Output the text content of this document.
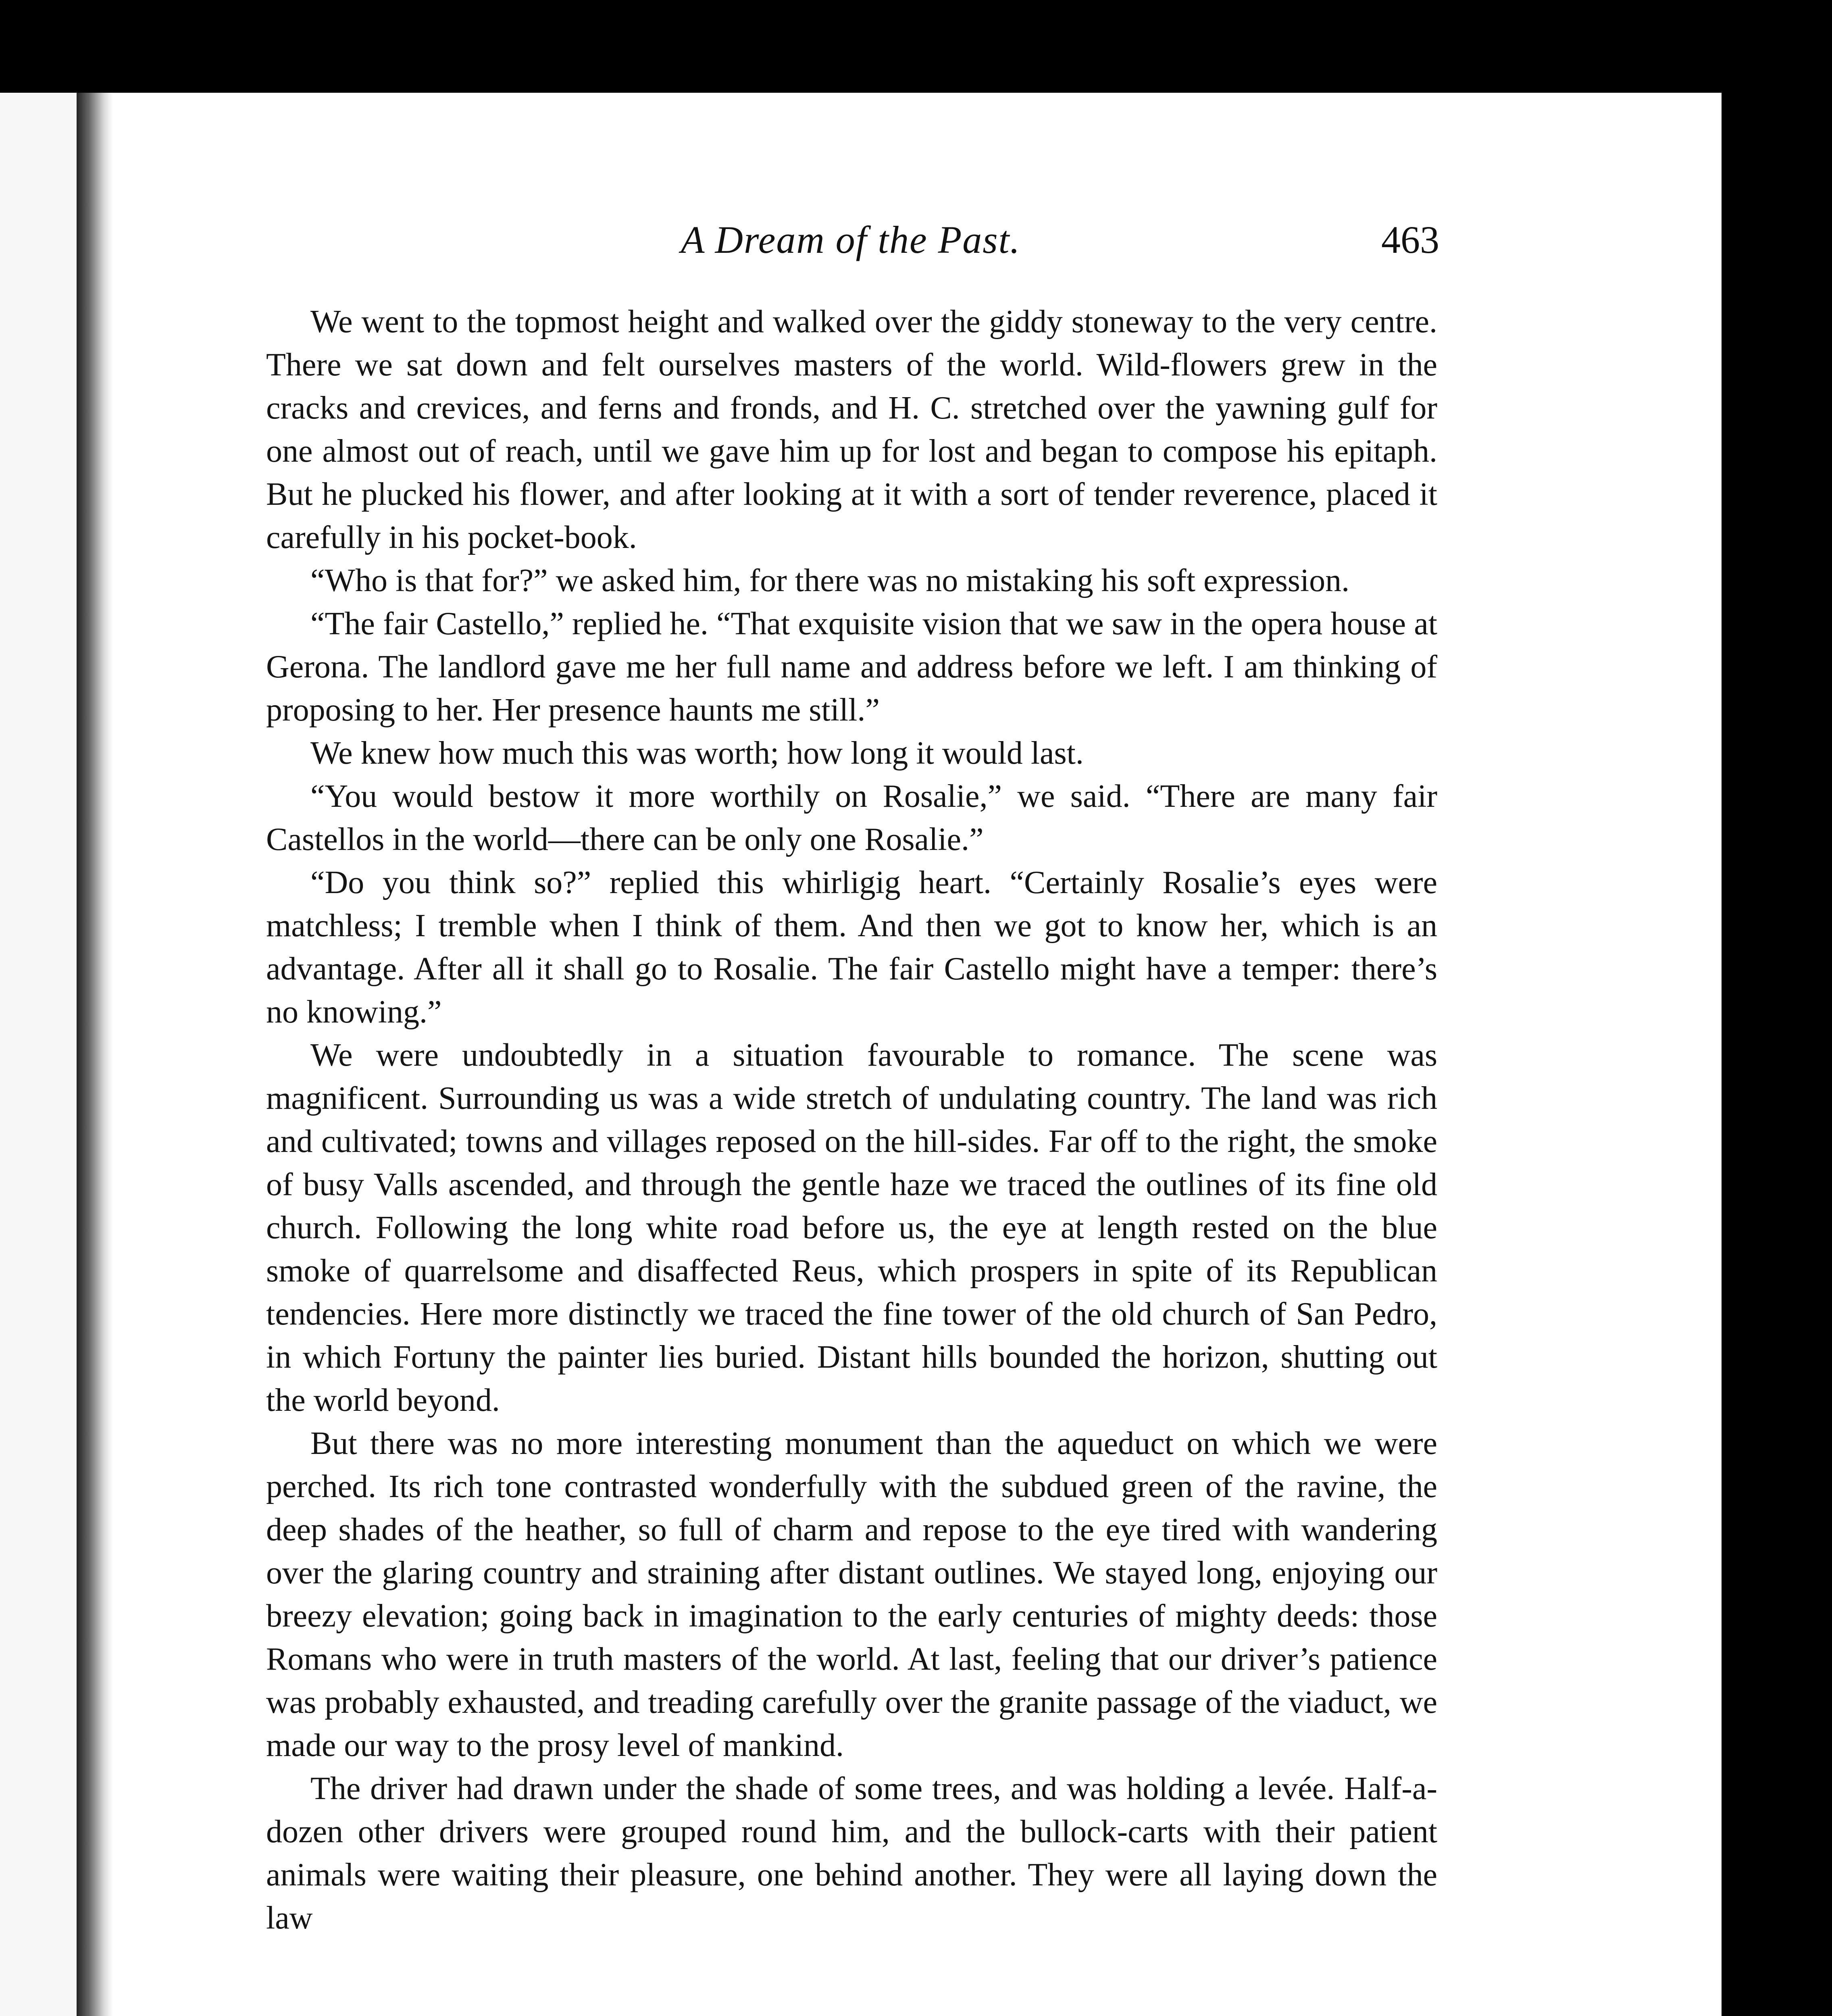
A Dream of the Past.	463

We went to the topmost height and walked over the giddy stoneway to the very centre. There we sat down and felt ourselves masters of the world. Wild-flowers grew in the cracks and crevices, and ferns and fronds, and H. C. stretched over the yawning gulf for one almost out of reach, until we gave him up for lost and began to compose his epitaph. But he plucked his flower, and after looking at it with a sort of tender reverence, placed it carefully in his pocket-book.

“Who is that for?” we asked him, for there was no mistaking his soft expression.

“The fair Castello,” replied he. “That exquisite vision that we saw in the opera house at Gerona. The landlord gave me her full name and address before we left. I am thinking of proposing to her. Her presence haunts me still.”

We knew how much this was worth; how long it would last.

“You would bestow it more worthily on Rosalie,” we said. “There are many fair Castellos in the world—there can be only one Rosalie.”

“Do you think so?” replied this whirligig heart. “Certainly Rosalie’s eyes were matchless; I tremble when I think of them. And then we got to know her, which is an advantage. After all it shall go to Rosalie. The fair Castello might have a temper: there’s no knowing.”

We were undoubtedly in a situation favourable to romance. The scene was magnificent. Surrounding us was a wide stretch of undulating country. The land was rich and cultivated; towns and villages reposed on the hill-sides. Far off to the right, the smoke of busy Valls ascended, and through the gentle haze we traced the outlines of its fine old church. Following the long white road before us, the eye at length rested on the blue smoke of quarrelsome and disaffected Reus, which prospers in spite of its Republican tendencies. Here more distinctly we traced the fine tower of the old church of San Pedro, in which Fortuny the painter lies buried. Distant hills bounded the horizon, shutting out the world beyond.

But there was no more interesting monument than the aqueduct on which we were perched. Its rich tone contrasted wonderfully with the subdued green of the ravine, the deep shades of the heather, so full of charm and repose to the eye tired with wandering over the glaring country and straining after distant outlines. We stayed long, enjoying our breezy elevation; going back in imagination to the early centuries of mighty deeds: those Romans who were in truth masters of the world. At last, feeling that our driver’s patience was probably exhausted, and treading carefully over the granite passage of the viaduct, we made our way to the prosy level of mankind.

The driver had drawn under the shade of some trees, and was holding a levée. Half-a-dozen other drivers were grouped round him, and the bullock-carts with their patient animals were waiting their pleasure, one behind another. They were all laying down the law
